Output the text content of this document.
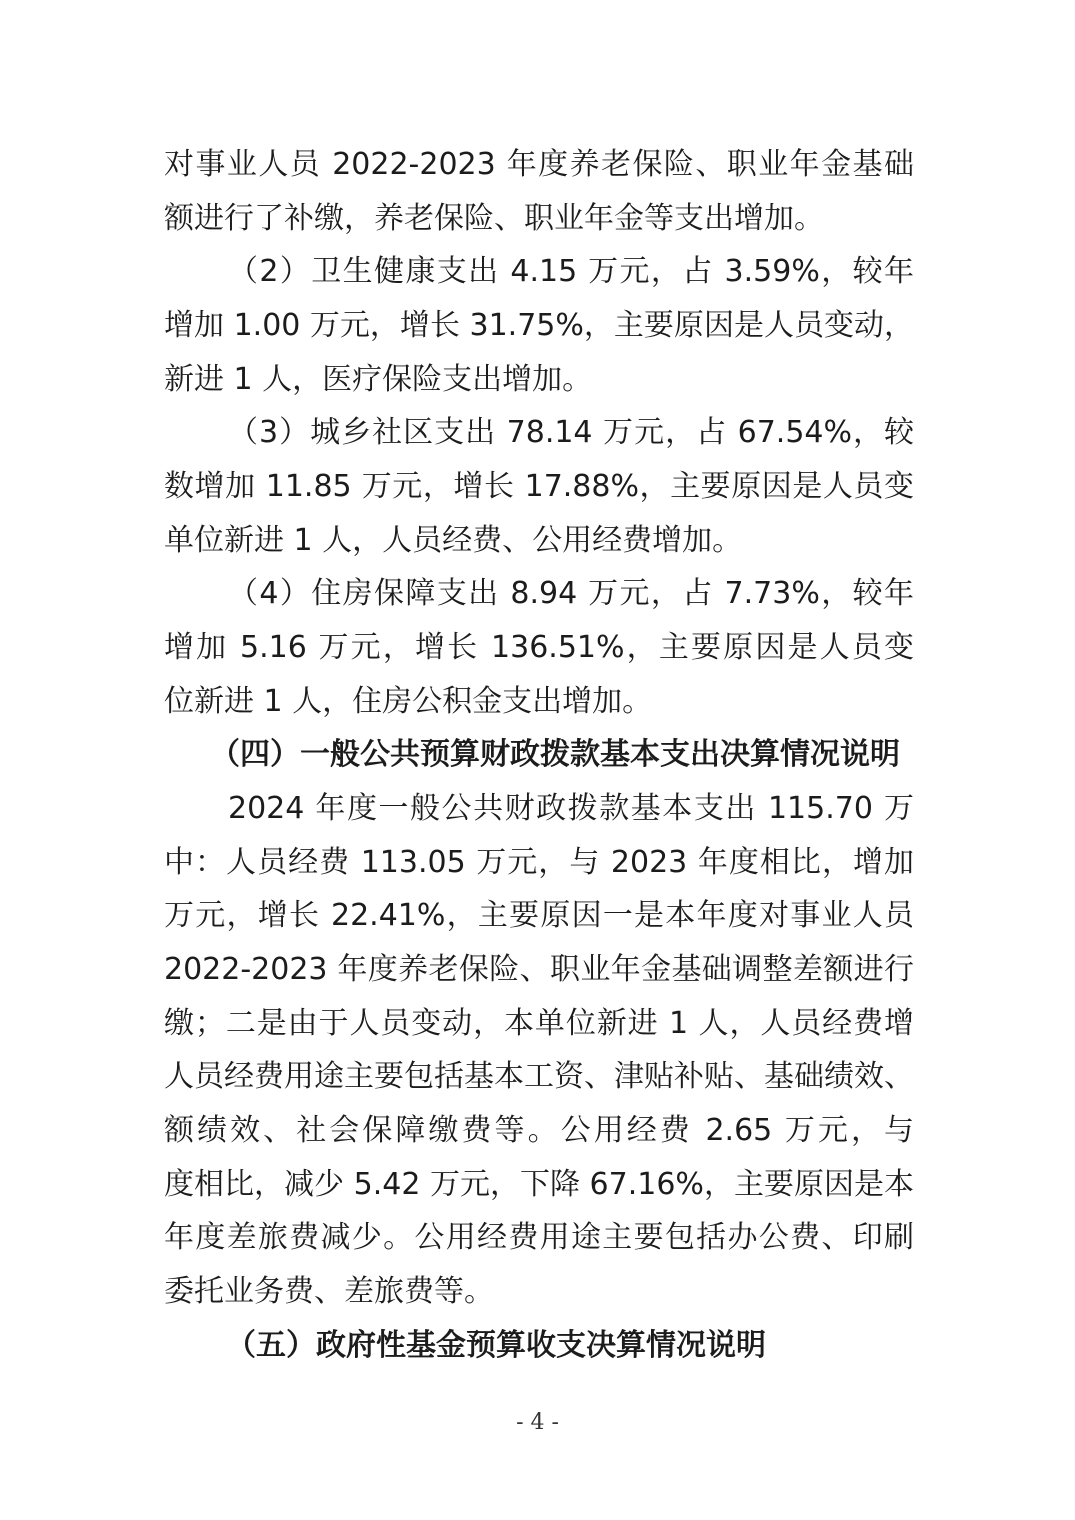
对事业人员 2022-2023 年度养老保险、职业年金基础
额进行了补缴，养老保险、职业年金等支出增加。
（2）卫生健康支出 4.15 万元，占 3.59%，较年
增加 1.00 万元，增长 31.75%，主要原因是人员变动，
新进 1 人，医疗保险支出增加。
（3）城乡社区支出 78.14 万元，占 67.54%，较
数增加 11.85 万元，增长 17.88%，主要原因是人员变
单位新进 1 人，人员经费、公用经费增加。
（4）住房保障支出 8.94 万元，占 7.73%，较年
增加 5.16 万元，增长 136.51%，主要原因是人员变
位新进 1 人，住房公积金支出增加。
（四）一般公共预算财政拨款基本支出决算情况说明
2024 年度一般公共财政拨款基本支出 115.70 万
中：人员经费 113.05 万元，与 2023 年度相比，增加
万元，增长 22.41%，主要原因一是本年度对事业人员
2022-2023 年度养老保险、职业年金基础调整差额进行
缴；二是由于人员变动，本单位新进 1 人，人员经费增
人员经费用途主要包括基本工资、津贴补贴、基础绩效、
额绩效、社会保障缴费等。公用经费 2.65 万元，与
度相比，减少 5.42 万元，下降 67.16%，主要原因是本
年度差旅费减少。公用经费用途主要包括办公费、印刷
委托业务费、差旅费等。
（五）政府性基金预算收支决算情况说明
- 4 -
